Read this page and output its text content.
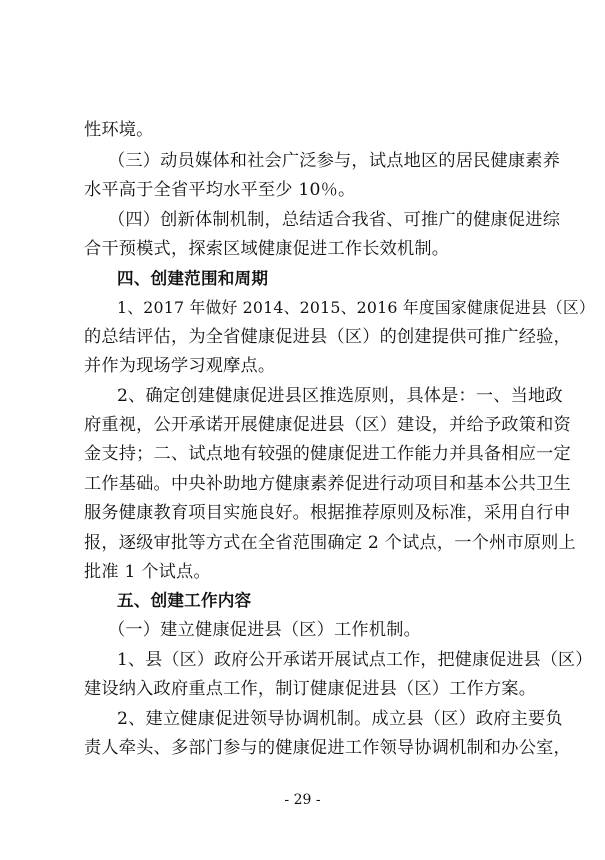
性环境。
（三）动员媒体和社会广泛参与，试点地区的居民健康素养
水平高于全省平均水平至少 10％。
（四）创新体制机制，总结适合我省、可推广的健康促进综
合干预模式，探索区域健康促进工作长效机制。
四、创建范围和周期
1、2017 年做好 2014、2015、2016 年度国家健康促进县（区）
的总结评估，为全省健康促进县（区）的创建提供可推广经验，
并作为现场学习观摩点。
2、确定创建健康促进县区推选原则，具体是：一、当地政
府重视，公开承诺开展健康促进县（区）建设，并给予政策和资
金支持；二、试点地有较强的健康促进工作能力并具备相应一定
工作基础。中央补助地方健康素养促进行动项目和基本公共卫生
服务健康教育项目实施良好。根据推荐原则及标准，采用自行申
报，逐级审批等方式在全省范围确定 2 个试点，一个州市原则上
批准 1 个试点。
五、创建工作内容
（一）建立健康促进县（区）工作机制。
1、县（区）政府公开承诺开展试点工作，把健康促进县（区）
建设纳入政府重点工作，制订健康促进县（区）工作方案。
2、建立健康促进领导协调机制。成立县（区）政府主要负
责人牵头、多部门参与的健康促进工作领导协调机制和办公室，
- 29 -
